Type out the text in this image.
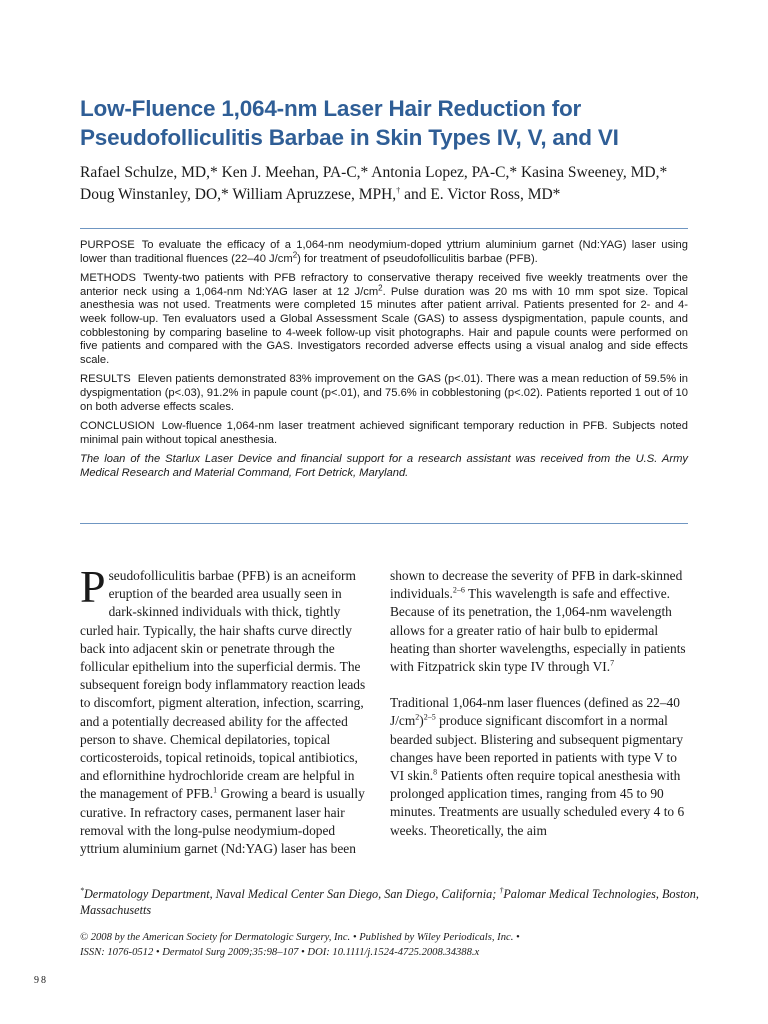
Low-Fluence 1,064-nm Laser Hair Reduction for
Pseudofolliculitis Barbae in Skin Types IV, V, and VI
Rafael Schulze, MD,* Ken J. Meehan, PA-C,* Antonia Lopez, PA-C,* Kasina Sweeney, MD,*
Doug Winstanley, DO,* William Apruzzese, MPH,† and E. Victor Ross, MD*

PURPOSE To evaluate the efficacy of a 1,064-nm neodymium-doped yttrium aluminium garnet (Nd:YAG) laser using lower than traditional fluences (22–40 $J/cm^2$) for treatment of pseudofolliculitis barbae (PFB).

METHODS Twenty-two patients with PFB refractory to conservative therapy received five weekly treatments over the anterior neck using a 1,064-nm Nd:YAG laser at 12 $J/cm^2$. Pulse duration was 20 ms with 10 mm spot size. Topical anesthesia was not used. Treatments were completed 15 minutes after patient arrival. Patients presented for 2- and 4-week follow-up. Ten evaluators used a Global Assessment Scale (GAS) to assess dyspigmentation, papule counts, and cobblestoning by comparing baseline to 4-week follow-up visit photographs. Hair and papule counts were performed on five patients and compared with the GAS. Investigators recorded adverse effects using a visual analog and side effects scale.

RESULTS Eleven patients demonstrated 83% improvement on the GAS (p<.01). There was a mean reduction of 59.5% in dyspigmentation (p<.03), 91.2% in papule count (p<.01), and 75.6% in cobblestoning (p<.02). Patients reported 1 out of 10 on both adverse effects scales.

CONCLUSION Low-fluence 1,064-nm laser treatment achieved significant temporary reduction in PFB. Subjects noted minimal pain without topical anesthesia.

The loan of the Starlux Laser Device and financial support for a research assistant was received from the U.S. Army Medical Research and Material Command, Fort Detrick, Maryland.

Pseudofolliculitis barbae (PFB) is an acneiform eruption of the bearded area usually seen in dark-skinned individuals with thick, tightly curled hair. Typically, the hair shafts curve directly back into adjacent skin or penetrate through the follicular epithelium into the superficial dermis. The subsequent foreign body inflammatory reaction leads to discomfort, pigment alteration, infection, scarring, and a potentially decreased ability for the affected person to shave. Chemical depilatories, topical corticosteroids, topical retinoids, topical antibiotics, and eflornithine hydrochloride cream are helpful in the management of PFB.$^1$ Growing a beard is usually curative. In refractory cases, permanent laser hair removal with the long-pulse neodymium-doped yttrium aluminium garnet (Nd:YAG) laser has been

shown to decrease the severity of PFB in dark-skinned individuals.$^{2-6}$ This wavelength is safe and effective. Because of its penetration, the 1,064-nm wavelength allows for a greater ratio of hair bulb to epidermal heating than shorter wavelengths, especially in patients with Fitzpatrick skin type IV through VI.$^7$

Traditional 1,064-nm laser fluences (defined as 22–40 $J/cm^2)^{2-5}$ produce significant discomfort in a normal bearded subject. Blistering and subsequent pigmentary changes have been reported in patients with type V to VI skin.$^8$ Patients often require topical anesthesia with prolonged application times, ranging from 45 to 90 minutes. Treatments are usually scheduled every 4 to 6 weeks. Theoretically, the aim

*Dermatology Department, Naval Medical Center San Diego, San Diego, California; †Palomar Medical Technologies, Boston, Massachusetts
© 2008 by the American Society for Dermatologic Surgery, Inc. • Published by Wiley Periodicals, Inc. •
ISSN: 1076-0512 • Dermatol Surg 2009;35:98–107 • DOI: 10.1111/j.1524-4725.2008.34388.x
98
